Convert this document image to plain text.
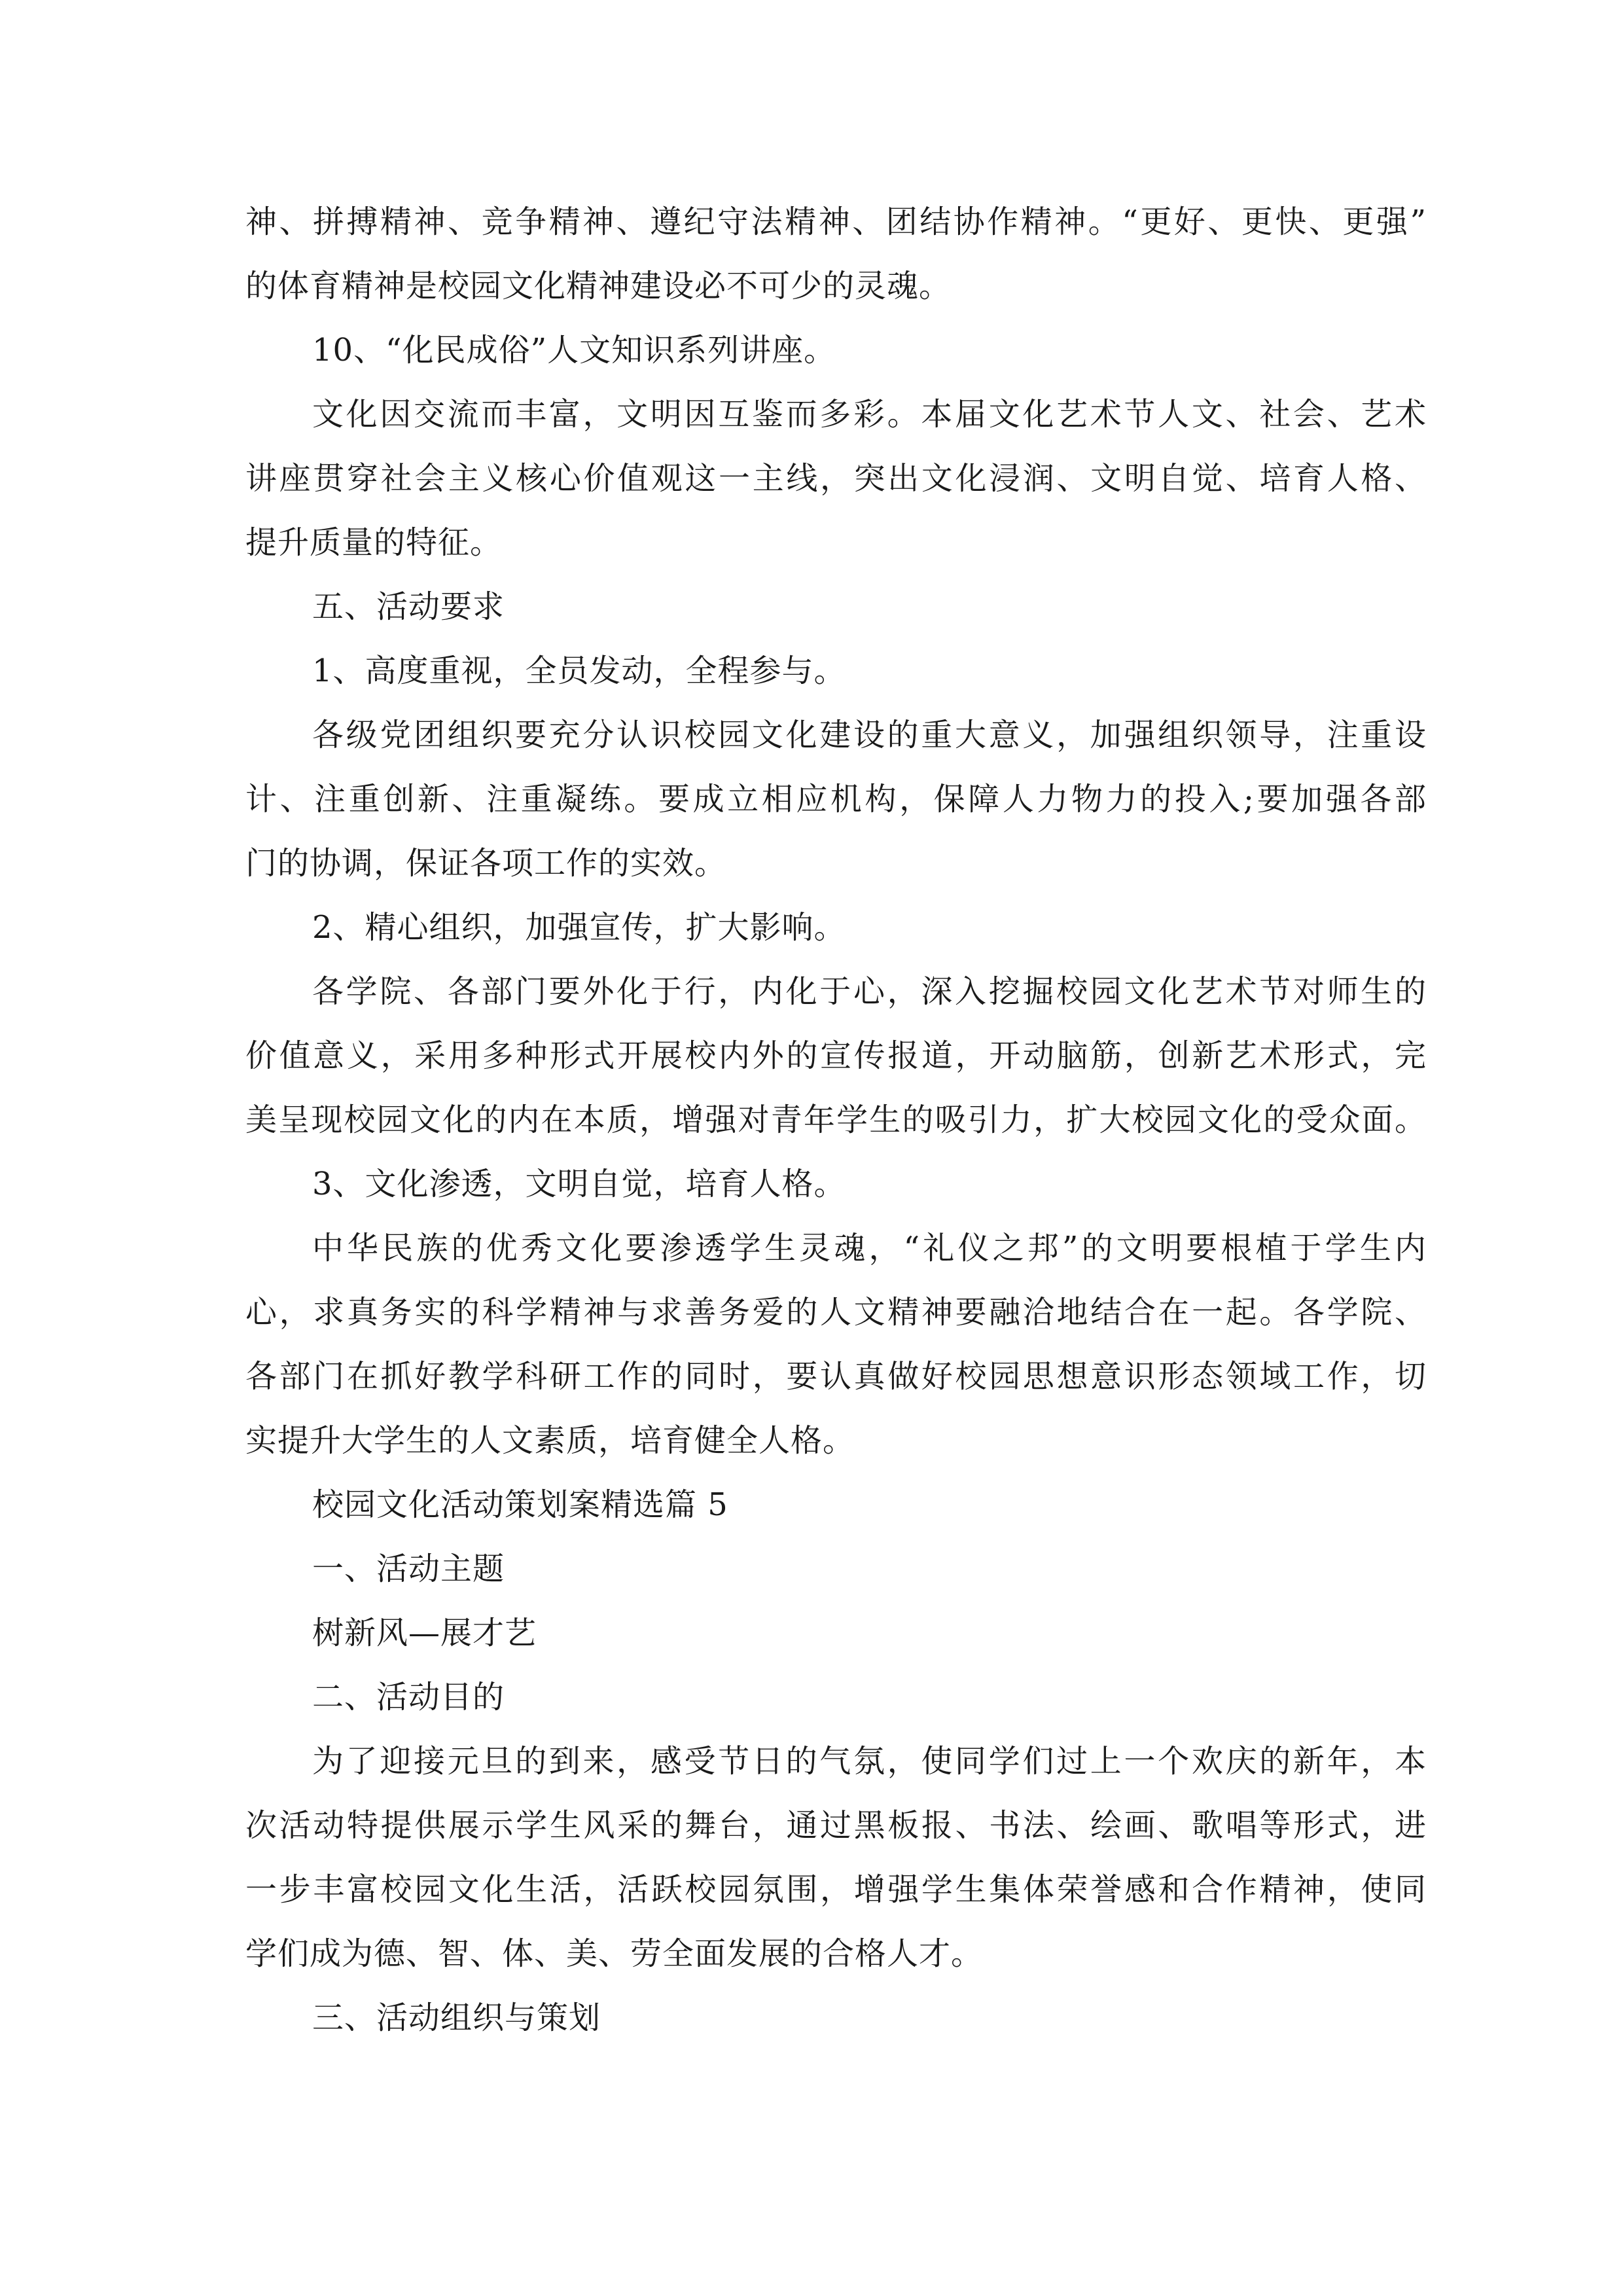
神、拼搏精神、竞争精神、遵纪守法精神、团结协作精神。“更好、更快、更强”

的体育精神是校园文化精神建设必不可少的灵魂。

10、“化民成俗”人文知识系列讲座。

文化因交流而丰富，文明因互鉴而多彩。本届文化艺术节人文、社会、艺术

讲座贯穿社会主义核心价值观这一主线，突出文化浸润、文明自觉、培育人格、

提升质量的特征。

五、活动要求

1、高度重视，全员发动，全程参与。

各级党团组织要充分认识校园文化建设的重大意义，加强组织领导，注重设

计、注重创新、注重凝练。要成立相应机构，保障人力物力的投入;要加强各部

门的协调，保证各项工作的实效。

2、精心组织，加强宣传，扩大影响。

各学院、各部门要外化于行，内化于心，深入挖掘校园文化艺术节对师生的

价值意义，采用多种形式开展校内外的宣传报道，开动脑筋，创新艺术形式，完

美呈现校园文化的内在本质，增强对青年学生的吸引力，扩大校园文化的受众面。

3、文化渗透，文明自觉，培育人格。

中华民族的优秀文化要渗透学生灵魂，“礼仪之邦”的文明要根植于学生内

心，求真务实的科学精神与求善务爱的人文精神要融洽地结合在一起。各学院、

各部门在抓好教学科研工作的同时，要认真做好校园思想意识形态领域工作，切

实提升大学生的人文素质，培育健全人格。

校园文化活动策划案精选篇 5

一、活动主题

树新风—展才艺

二、活动目的

为了迎接元旦的到来，感受节日的气氛，使同学们过上一个欢庆的新年，本

次活动特提供展示学生风采的舞台，通过黑板报、书法、绘画、歌唱等形式，进

一步丰富校园文化生活，活跃校园氛围，增强学生集体荣誉感和合作精神，使同

学们成为德、智、体、美、劳全面发展的合格人才。

三、活动组织与策划
